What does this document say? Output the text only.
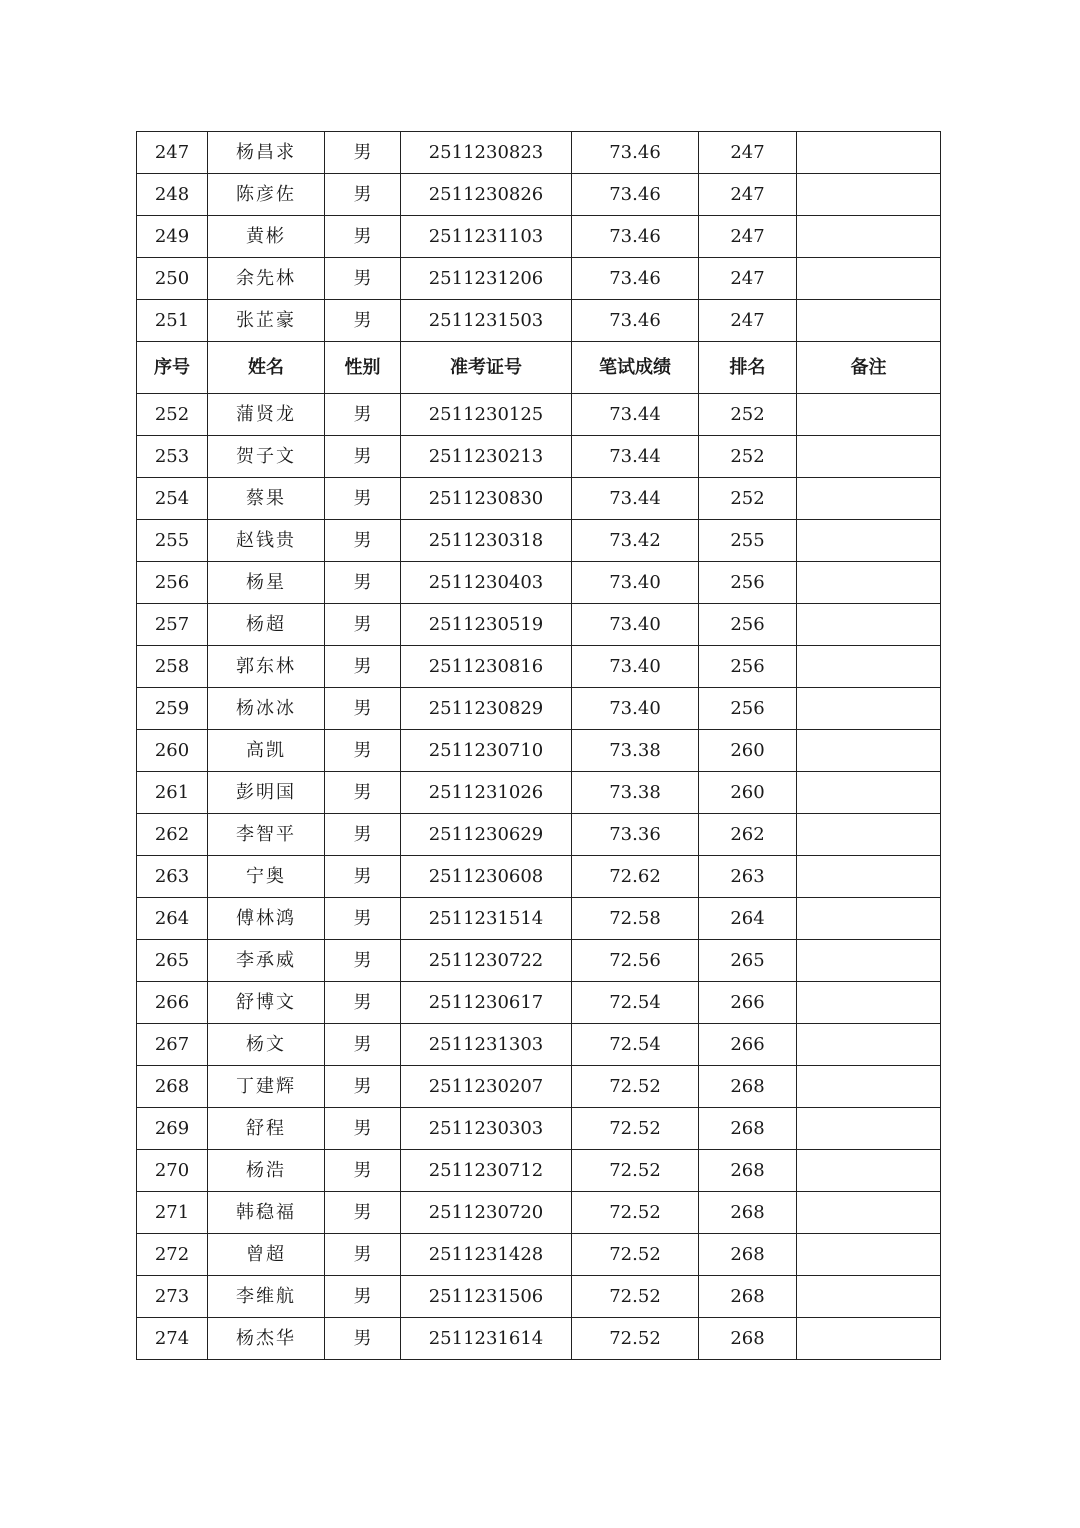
247	杨昌求	男	2511230823	73.46	247	
248	陈彦佐	男	2511230826	73.46	247	
249	黄彬	男	2511231103	73.46	247	
250	余先林	男	2511231206	73.46	247	
251	张芷豪	男	2511231503	73.46	247	
序号	姓名	性别	准考证号	笔试成绩	排名	备注
252	蒲贤龙	男	2511230125	73.44	252	
253	贺子文	男	2511230213	73.44	252	
254	蔡果	男	2511230830	73.44	252	
255	赵钱贵	男	2511230318	73.42	255	
256	杨星	男	2511230403	73.40	256	
257	杨超	男	2511230519	73.40	256	
258	郭东林	男	2511230816	73.40	256	
259	杨冰冰	男	2511230829	73.40	256	
260	高凯	男	2511230710	73.38	260	
261	彭明国	男	2511231026	73.38	260	
262	李智平	男	2511230629	73.36	262	
263	宁奥	男	2511230608	72.62	263	
264	傅林鸿	男	2511231514	72.58	264	
265	李承威	男	2511230722	72.56	265	
266	舒博文	男	2511230617	72.54	266	
267	杨文	男	2511231303	72.54	266	
268	丁建辉	男	2511230207	72.52	268	
269	舒程	男	2511230303	72.52	268	
270	杨浩	男	2511230712	72.52	268	
271	韩稳福	男	2511230720	72.52	268	
272	曾超	男	2511231428	72.52	268	
273	李维航	男	2511231506	72.52	268	
274	杨杰华	男	2511231614	72.52	268	
